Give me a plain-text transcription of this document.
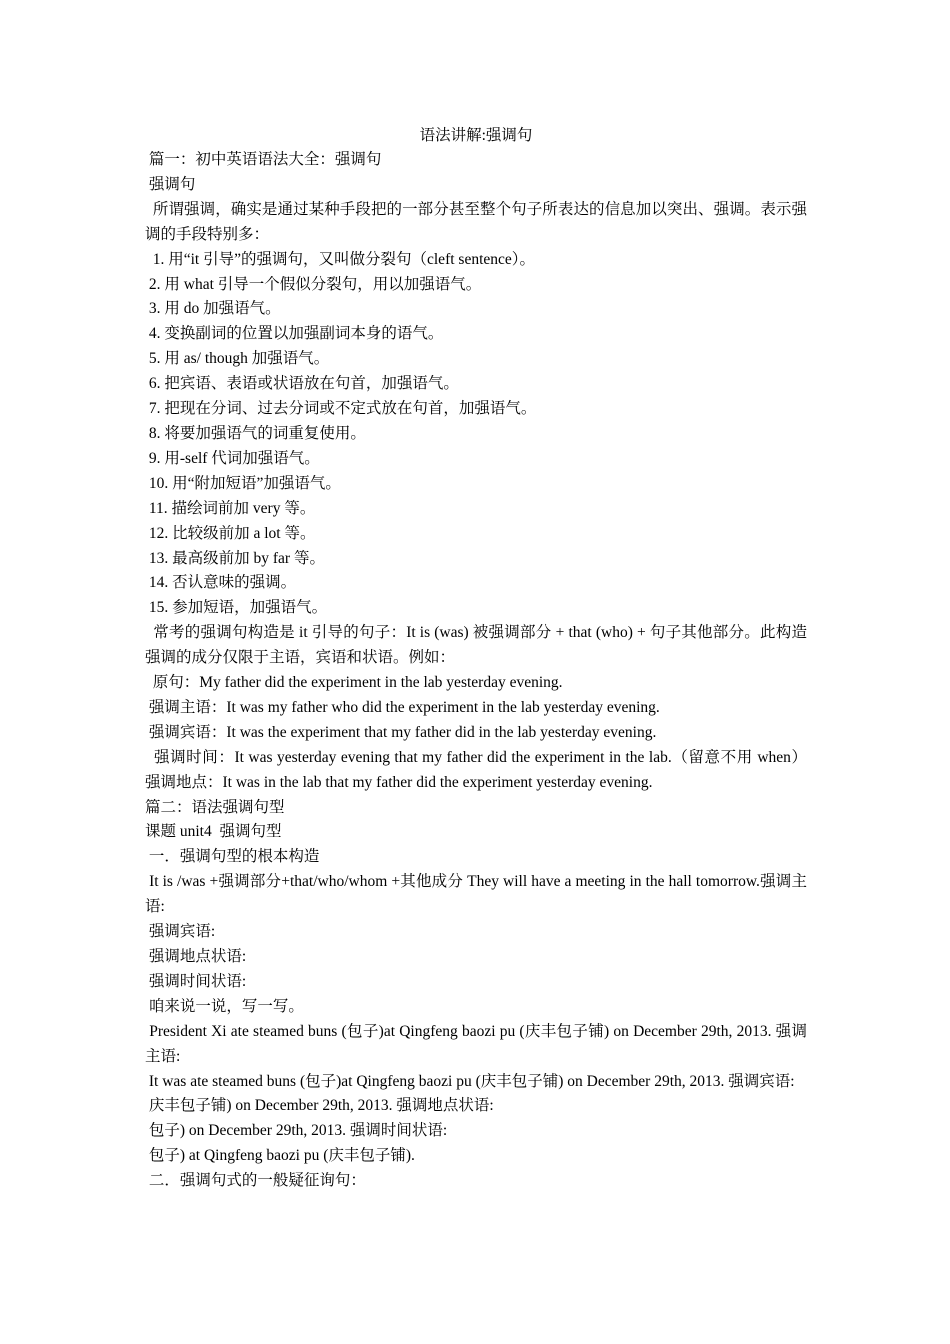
语法讲解:强调句
篇一：初中英语语法大全：强调句
强调句
所谓强调，确实是通过某种手段把的一部分甚至整个句子所表达的信息加以突出、强调。表示强调的手段特别多：
1. 用“it 引导”的强调句，又叫做分裂句（cleft sentence）。
2. 用 what 引导一个假似分裂句，用以加强语气。
3. 用 do 加强语气。
4. 变换副词的位置以加强副词本身的语气。
5. 用 as/ though 加强语气。
6. 把宾语、表语或状语放在句首，加强语气。
7. 把现在分词、过去分词或不定式放在句首，加强语气。
8. 将要加强语气的词重复使用。
9. 用-self 代词加强语气。
10. 用“附加短语”加强语气。
11. 描绘词前加 very 等。
12. 比较级前加 a lot 等。
13. 最高级前加 by far 等。
14. 否认意味的强调。
15. 参加短语，加强语气。
常考的强调句构造是 it 引导的句子：It is (was) 被强调部分 + that (who) + 句子其他部分。此构造强调的成分仅限于主语，宾语和状语。例如：
原句：My father did the experiment in the lab yesterday evening.
强调主语：It was my father who did the experiment in the lab yesterday evening.
强调宾语：It was the experiment that my father did in the lab yesterday evening.
强调时间：It was yesterday evening that my father did the experiment in the lab.（留意不用 when）  强调地点：It was in the lab that my father did the experiment yesterday evening.
篇二：语法强调句型
课题 unit4  强调句型
一．强调句型的根本构造
It is /was +强调部分+that/who/whom +其他成分 They will have a meeting in the hall tomorrow.强调主语:
强调宾语:
强调地点状语:
强调时间状语:
咱来说一说，写一写。
President Xi ate steamed buns (包子)at Qingfeng baozi pu (庆丰包子铺) on December 29th, 2013. 强调主语:
It was ate steamed buns (包子)at Qingfeng baozi pu (庆丰包子铺) on December 29th, 2013. 强调宾语:
庆丰包子铺) on December 29th, 2013. 强调地点状语:
包子) on December 29th, 2013. 强调时间状语:
包子) at Qingfeng baozi pu (庆丰包子铺).
二．强调句式的一般疑征询句：
